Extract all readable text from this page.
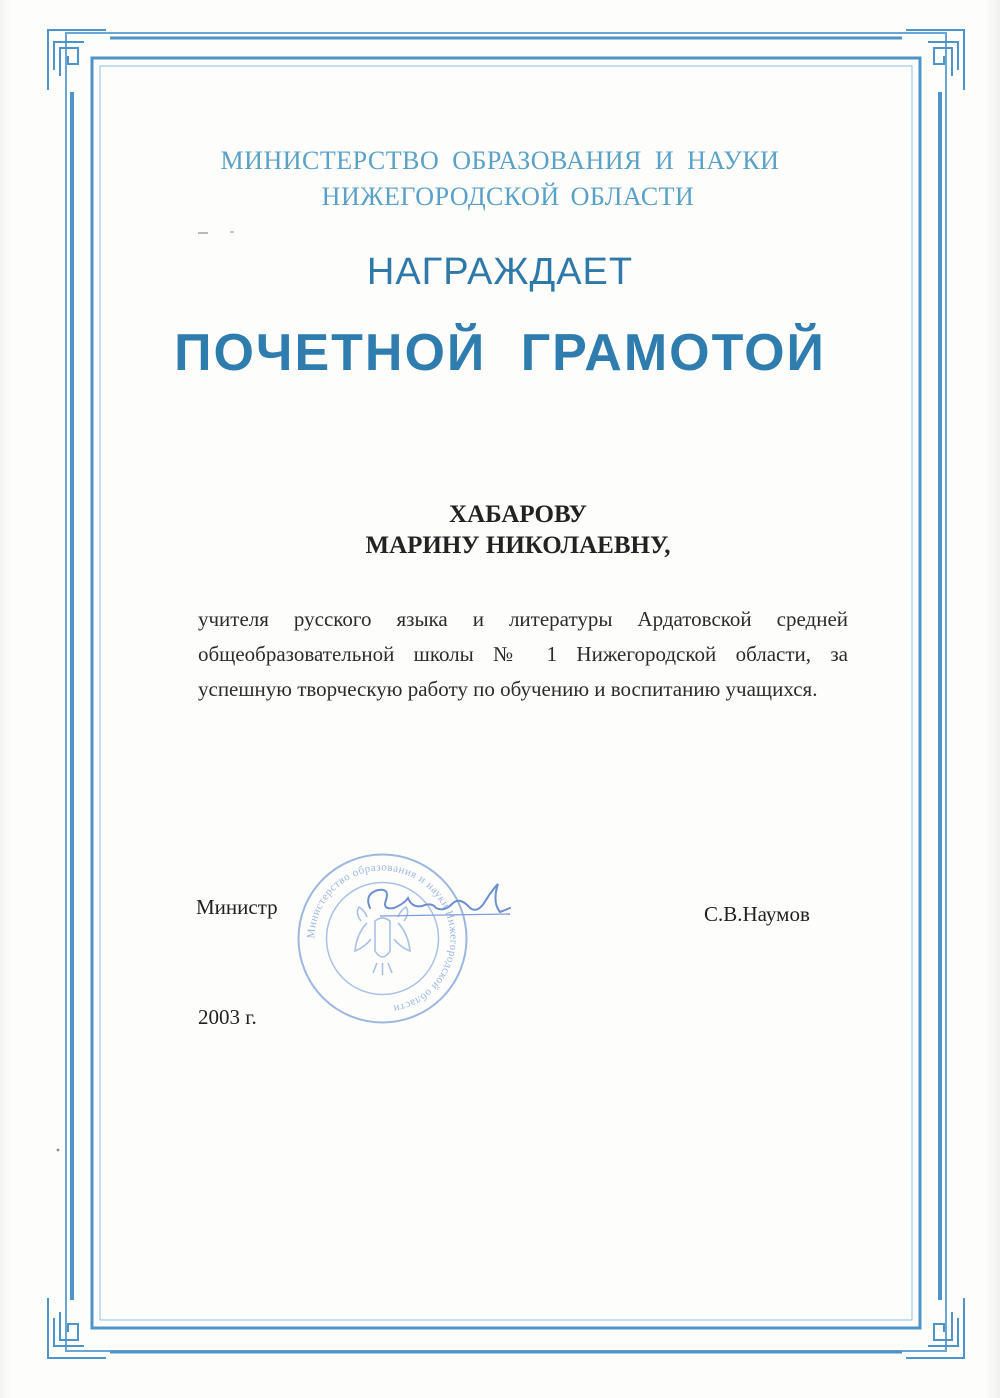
МИНИСТЕРСТВО ОБРАЗОВАНИЯ И НАУКИ
НИЖЕГОРОДСКОЙ ОБЛАСТИ
НАГРАЖДАЕТ
ПОЧЕТНОЙ ГРАМОТОЙ
ХАБАРОВУ
МАРИНУ НИКОЛАЕВНУ,
учителя русского языка и литературы Ардатовской средней общеобразовательной школы № 1 Нижегородской области, за успешную творческую работу по обучению и воспитанию учащихся.
Министерство образования и науки Нижегородской области
Министр	С.В.Наумов
2003 г.
